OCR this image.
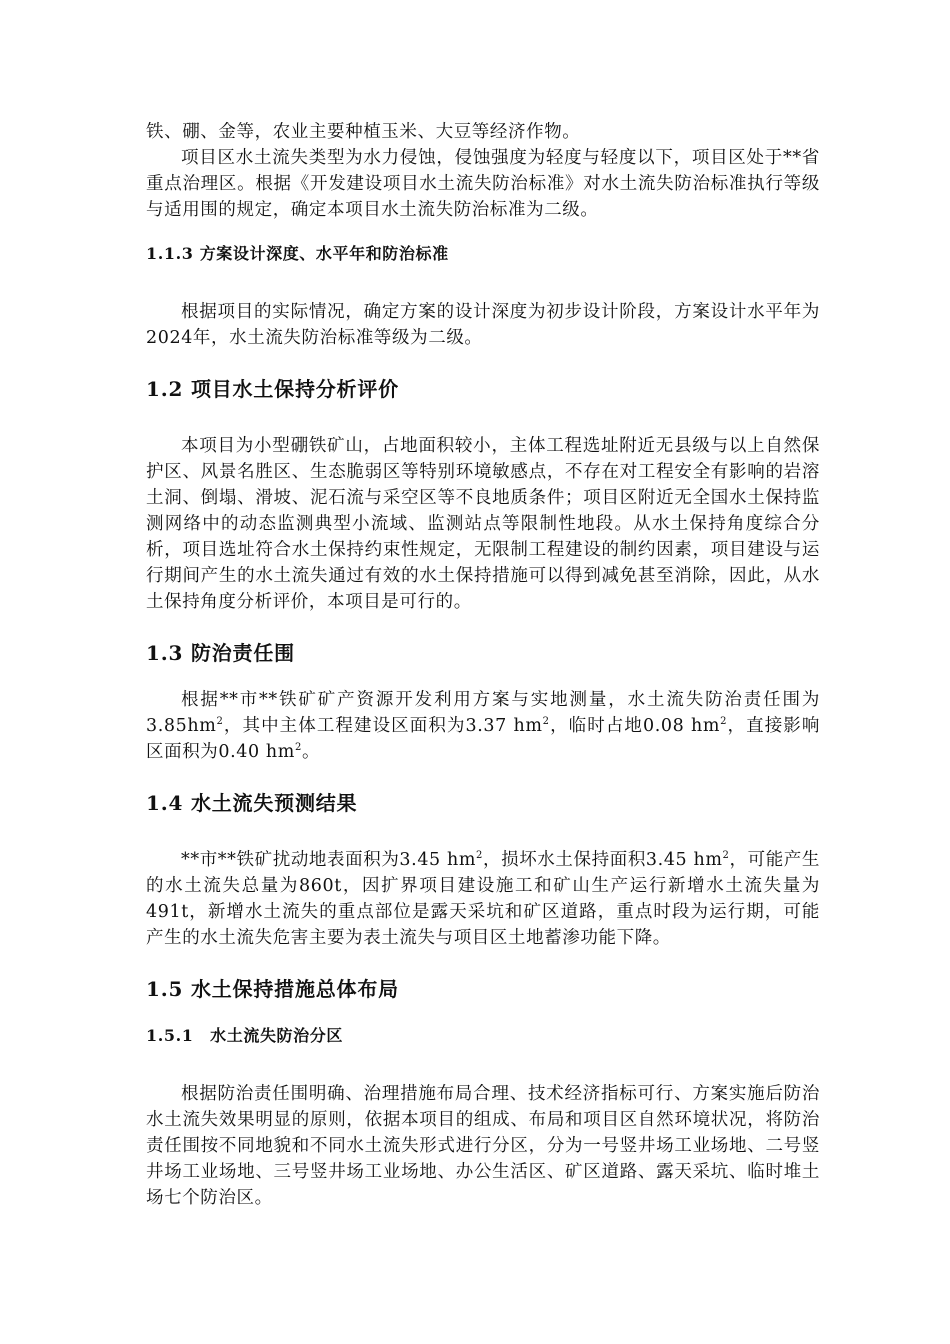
铁、硼、金等，农业主要种植玉米、大豆等经济作物。

项目区水土流失类型为水力侵蚀，侵蚀强度为轻度与轻度以下，项目区处于**省重点治理区。根据《开发建设项目水土流失防治标准》对水土流失防治标准执行等级与适用围的规定，确定本项目水土流失防治标准为二级。

1.1.3 方案设计深度、水平年和防治标准

根据项目的实际情况，确定方案的设计深度为初步设计阶段，方案设计水平年为2024年，水土流失防治标准等级为二级。

1.2 项目水土保持分析评价

本项目为小型硼铁矿山，占地面积较小，主体工程选址附近无县级与以上自然保护区、风景名胜区、生态脆弱区等特别环境敏感点，不存在对工程安全有影响的岩溶土洞、倒塌、滑坡、泥石流与采空区等不良地质条件；项目区附近无全国水土保持监测网络中的动态监测典型小流域、监测站点等限制性地段。从水土保持角度综合分析，项目选址符合水土保持约束性规定，无限制工程建设的制约因素，项目建设与运行期间产生的水土流失通过有效的水土保持措施可以得到减免甚至消除，因此，从水土保持角度分析评价，本项目是可行的。

1.3 防治责任围

根据**市**铁矿矿产资源开发利用方案与实地测量，水土流失防治责任围为$3.85hm^2$，其中主体工程建设区面积为3.37 $hm^2$，临时占地0.08 $hm^2$，直接影响区面积为0.40 $hm^2$。

1.4 水土流失预测结果

**市**铁矿扰动地表面积为3.45 $hm^2$，损坏水土保持面积3.45 $hm^2$，可能产生的水土流失总量为860t，因扩界项目建设施工和矿山生产运行新增水土流失量为491t，新增水土流失的重点部位是露天采坑和矿区道路，重点时段为运行期，可能产生的水土流失危害主要为表土流失与项目区土地蓄渗功能下降。

1.5 水土保持措施总体布局
1.5.1　水土流失防治分区

根据防治责任围明确、治理措施布局合理、技术经济指标可行、方案实施后防治水土流失效果明显的原则，依据本项目的组成、布局和项目区自然环境状况，将防治责任围按不同地貌和不同水土流失形式进行分区，分为一号竖井场工业场地、二号竖井场工业场地、三号竖井场工业场地、办公生活区、矿区道路、露天采坑、临时堆土场七个防治区。
